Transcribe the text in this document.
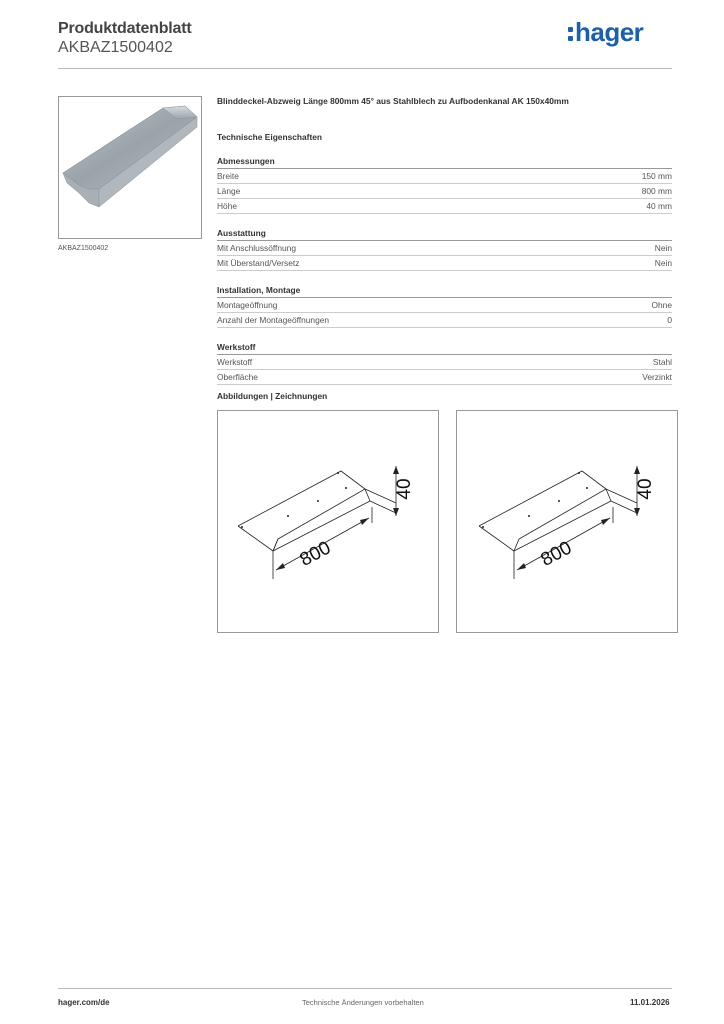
Produktdatenblatt
AKBAZ1500402
hager
AKBAZ1500402
Blinddeckel-Abzweig Länge 800mm 45° aus Stahlblech zu Aufbodenkanal AK 150x40mm
Technische Eigenschaften
Abmessungen
Breite	150 mm
Länge	800 mm
Höhe	40 mm
Ausstattung
Mit Anschlussöffnung	Nein
Mit Überstand/Versetz	Nein
Installation, Montage
Montageöffnung	Ohne
Anzahl der Montageöffnungen	0
Werkstoff
Werkstoff	Stahl
Oberfläche	Verzinkt
Abbildungen | Zeichnungen
800
40
800
40
hager.com/de	Technische Änderungen vorbehalten	11.01.2026
